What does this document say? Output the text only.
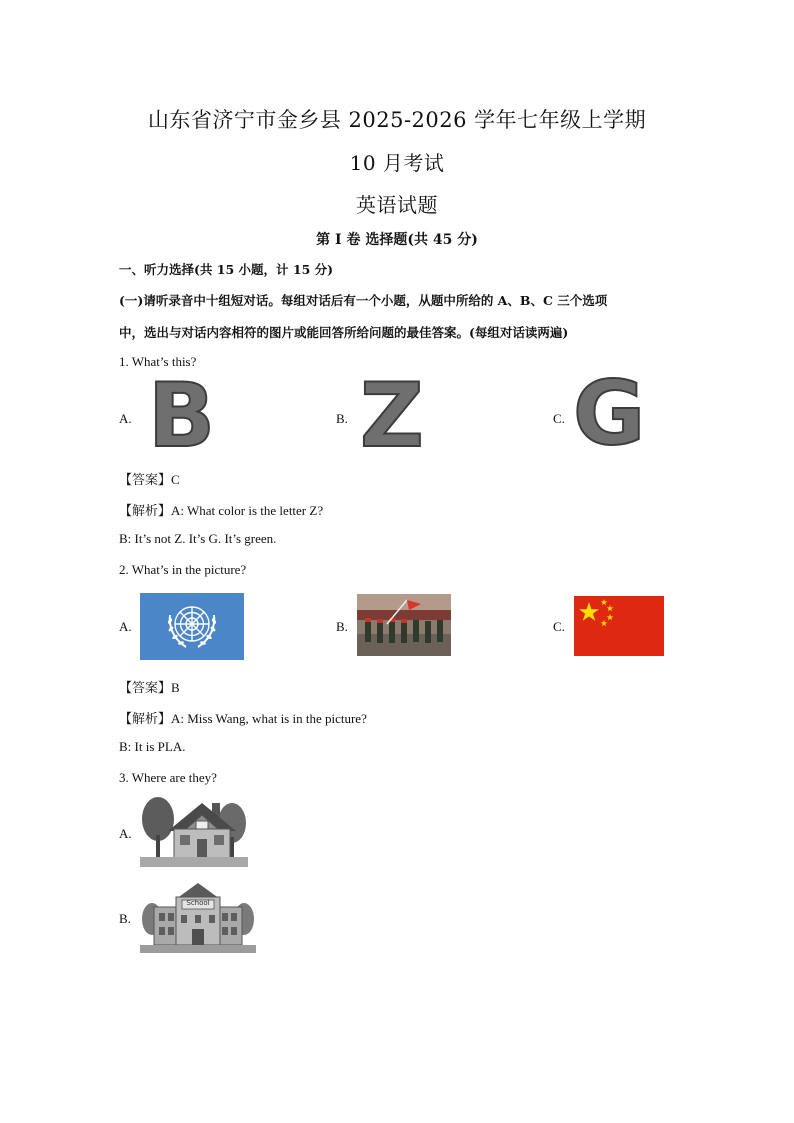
山东省济宁市金乡县 2025-2026 学年七年级上学期
10 月考试
英语试题
第 I 卷 选择题(共 45 分)
一、听力选择(共 15 小题，计 15 分)
(一)请听录音中十组短对话。每组对话后有一个小题，从题中所给的 A、B、C 三个选项
中，选出与对话内容相符的图片或能回答所给问题的最佳答案。(每组对话读两遍)
1. What’s this?
A. B	B. Z	C. G
【答案】C
【解析】A: What color is the letter Z?
B: It’s not Z. It’s G. It’s green.
2. What’s in the picture?
A.	B.	C.
【答案】B
【解析】A: Miss Wang, what is in the picture?
B: It is PLA.
3. Where are they?
A.
B.
School
